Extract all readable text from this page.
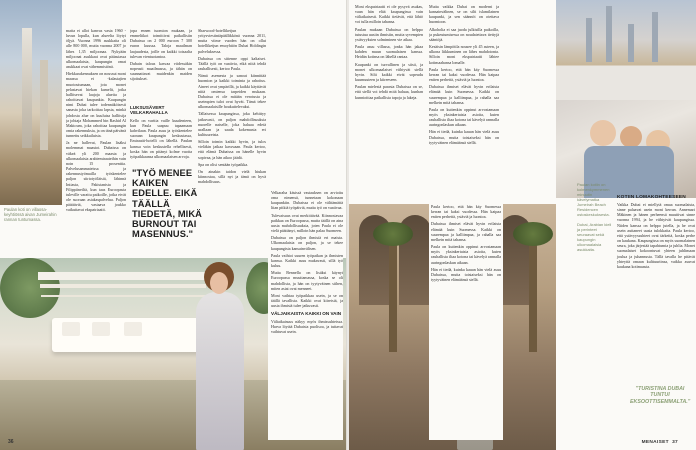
Paulan koti on villaosakeyhtiössä aivan Jumeirahin rannan tuntumassa.

matta ei allot kanvas vasta 1960 -luvun lopulla, kun alueelta löytyi öljyä. Vuonna 1996 asukkaita oli alle 800 000, mutta vuonna 2007 jo lähes 1,35 miljoonaa. Nykyään miljoonat asukkaat ovat pääasiassa ulkomaalaisia, kaupungin omat asukkaat ovat vähemmistönä.

Hiekkarakennuksen on noussut moni maassa ei -kalastajien muotoutumaan, jota monet pelastavat hiekan kamelit, jotka hallitsevat laajoja alueita ja rahoittavat kaupunkia. Kaupungin nimi Dubai tulee todennäköisesti sanasta joka tarkoittaa lapsia, minkä johdosta alue on kuuluisa hallitsija ja johtaja Mohammed bin Rashid Al Maktoum, joka rahoittaa kaupungin omia rakennuksia, ja on tänä päivänä tunnettu seikkailuista.

Ja ne hallevat, Paulan lisäksi molemmat maastot. Dubaissa on väkeä yli 200 maasta ja ulkomaalaisia arabiemiraateihin vain noin 15 prosenttia. Palvelusammateissa ja rakennustyömailla työskentelee paljon siirtotyöläisiä, lähinnä Intiasta, Pakistanista ja Filippiineiltä, kun taas Euroopasta tuleville varattu paikoille, jotka eivät ole suoraan asiakaspalvelua. Paljon päättäviä, vastaava joukko vaikuttavat ekspatriaatit.

jopa ennen tuomion mukaan, ja emmeliikot toimittivat paikallisiin Dubaissa on 2 000 euroon 7 300 euron kuussa. Taloja maailman laajuudesta, joille on kaikki toisaalta tulevan vientuotantoa.

Dubain talous kasvaa viidessäkin nopeasti maailmassa, ja tähän on suunnattavat muidenkin maiden sijoitukset.

LUKSUSÄVERT VELKARAHALLA

Kello on varttia vaille kuudenteen, kun Paula saapuu tapaamaan kahvilaan. Paula asuu ja työskentelee suoraan kaupungin keskustassa, Emiraatti-hotelli on lähellä. Paulan kanssa voin keskustella rehellisesti, koska hän on pitänyt kolme vuotta työpaikkaansa ulkomaalaisen arvoja.

"TYÖ MENEE KAIKEN EDELLE. EIKÄ TÄÄLLÄ TIEDETÄ, MIKÄ BURNOUT TAI MASENNUS."

Sharwood-hotelliketjun yritysviestintäpäällikkönä vuonna 2011, mutta viime vuoden hän on ollut hotelliketjun emoyhtiön Dubai Holdingin palveluksessa.

Dubaissa on sittenne oppi kaltaiset. Täällä työt on vaativia, eikä niitä tehdä rauhallisesti, kertoo Paula.

Nämä asemesta ja sanoat kiinnittää huomion ja kaikki toiminta ja rahoitus. Aineet ovat ympärillä, ja kaikki käyttävät niitä omiensa tarpeiden mukaan. Dubaissa ei ole mitään verotusta ja useimpien tulot ovat hyvät. Tämä tekee ulkomaalaisille houkuttelevaksi.

Tällaisessa kaupungissa, joka kehittyy jatkuvasti, on paljon mahdollisuuksia nuorelle naiselle, joka haluaa edetä urallaan ja saada kokemusta eri kulttuureista.

Silloin toimin kaikki hyvin, ja tulos vieläkin jatkaa kasvuaan. Paula kertoo, että elämä Dubaissa on hänelle hyvin sopivaa, ja hän aikoo jäädä.

Spa on olisi sentään työpaikka.

On ainakin taidon vielä hiukan kiinnostaa, sillä nyt ja tämä on hyvä mahdollisuus.

Velkaraha käsissä vastauksen on arvioitu oma nimensä, tunnetaan kokonaan kaupunkiin. Dubaissa ei ole välttämättä liian pitkiä työpäiviä, mutta työ on vaativaa.

Tulevaisuus ovat merkittävää. Kiinnostavaa paikkaa on Euroopassa, mutta täällä on aina uusia mahdollisuuksia, joten Paula ei ole vielä päättänyt, milloin hän palaa Suomeen.

Dubaissa on paljon ihmisiä eri maista. Ulkomaalaisia on paljon, ja se tekee kaupungista kansainvälisen.

Paula vaihtoi suuren työpaikan ja ihmisten kanssa. Kaikki asuu mukavasti, sillä työ kuluu.

Mutta Bennella on lisäksi käynyt Euroopassa muuttamassa, koska se oli mahdollista, ja hän on tyytyväinen siihen, miten asiat ovat menneet.

Moni vaihtaa työpaikkaa usein, ja se on täällä tavallista. Kaikki ovat kiireisiä, ja uusia ihmisiä tulee jatkuvasti.

VÄLJAIKAISTA KAIKKI ON VAIN

Väliaikaisuus näkyy myös ihmissuhteissa. Harva löytää Dubaista puolisoa, ja tuttavat vaihtuvat usein.

36

Moni ekspatriaatti ei ole pysyvä asukas, vaan hän elää kaupungissa vain väliaikaisesti. Kaikki tietävät, että lähtö voi tulla milloin tahansa.

Paulan mukaan Dubaissa on helppo tutustua uusiin ihmisiin, mutta syvempien ystävyyksien solmiminen vie aikaa.

Paula asuu villassa, jonka hän jakaa kahden muun suomalaisen kanssa. Heidän kotinsa on lähellä rantaa.

Kaupunki on turvallinen ja siisti, ja monet ulkomaalaiset viihtyvät siellä hyvin. Silti kaikki eivät sopeudu kuumuuteen ja kiireeseen.

Paulan mielestä parasta Dubaissa on se, että siellä voi tehdä mitä haluaa, kunhan kunnioittaa paikallisia tapoja ja lakeja.

Mutta vaikka Dubai on moderni ja kansainvälinen, se on silti islamilainen kaupunki, ja sen säännöt on otettava huomioon.

Alkoholia ei saa juoda julkisilla paikoilla, ja pukeutumisessa on noudatettava tiettyjä sääntöjä.

Kesäisin lämpötila nousee yli 45 asteen, ja ulkona liikkuminen on lähes mahdotonta. Silloin moni ekspatriaatti lähtee kotimaahansa lomalle.

Paula kertoo, että hän käy Suomessa kerran tai kaksi vuodessa. Hän kaipaa eniten perhettä, ystäviä ja luontoa.

Dubaissa ihmiset elävät hyvin erilaista elämää kuin Suomessa. Kaikki on suurempaa ja kalliimpaa, ja rahalla saa melkein mitä tahansa.

Paula on kuitenkin oppinut arvostamaan myös yksinkertaisia asioita, kuten rauhallista iltaa kotona tai kävelyä rannalla auringonlaskun aikaan.

Hän ei tiedä, kuinka kauan hän vielä asuu Dubaissa, mutta toistaiseksi hän on tyytyväinen elämäänsä siellä.

Paula kertoo, että hän käy Suomessa kerran tai kaksi vuodessa. Hän kaipaa eniten perhettä, ystäviä ja luontoa.

Dubaissa ihmiset elävät hyvin erilaista elämää kuin Suomessa. Kaikki on suurempaa ja kalliimpaa, ja rahalla saa melkein mitä tahansa.

Paula on kuitenkin oppinut arvostamaan myös yksinkertaisia asioita, kuten rauhallista iltaa kotona tai kävelyä rannalla auringonlaskun aikaan.

Hän ei tiedä, kuinka kauan hän vielä asuu Dubaissa, mutta toistaiseksi hän on tyytyväinen elämäänsä siellä.

Paulan kotiin on kolmenkymmenen minuutin kävelymatka Jumeirah Beach Residencen ostoskeskuksesta.

Dubai, Arabian kieli ja perinteet seuraavat sekä kaupungin ulkomaalaisia asukkaita.
KOTIIN LOMAKOHTEESEEN

Vaikka Dubai ei miellytä omaa suomalaista, sinne palaavat usein moni kerran. Annemari Mäkinen ja hänen perheensä muuttivat sinne vuonna 1994, ja he viihtyivät kaupungissa. Niiden kanssa on helppo jutella, ja he ovat usein auttaneet uusia tulokkaita. Paula kertoo, että ystävyyssuhteet ovat tärkeitä, koska perhe on kaukana. Kaupungissa on myös suomalainen seura, joka järjestää tapahtumia ja juhlia. Monet suomalaiset kokoontuvat yhteen juhlimaan joulua ja juhannusta. Tällä tavalla he pitävät yhteyttä omaan kulttuuriinsa, vaikka asuvat kaukana kotimaasta.

"TURISTINA DUBAI TUNTUI EKSOOTTISEMMALTA."
MENAISET 37
